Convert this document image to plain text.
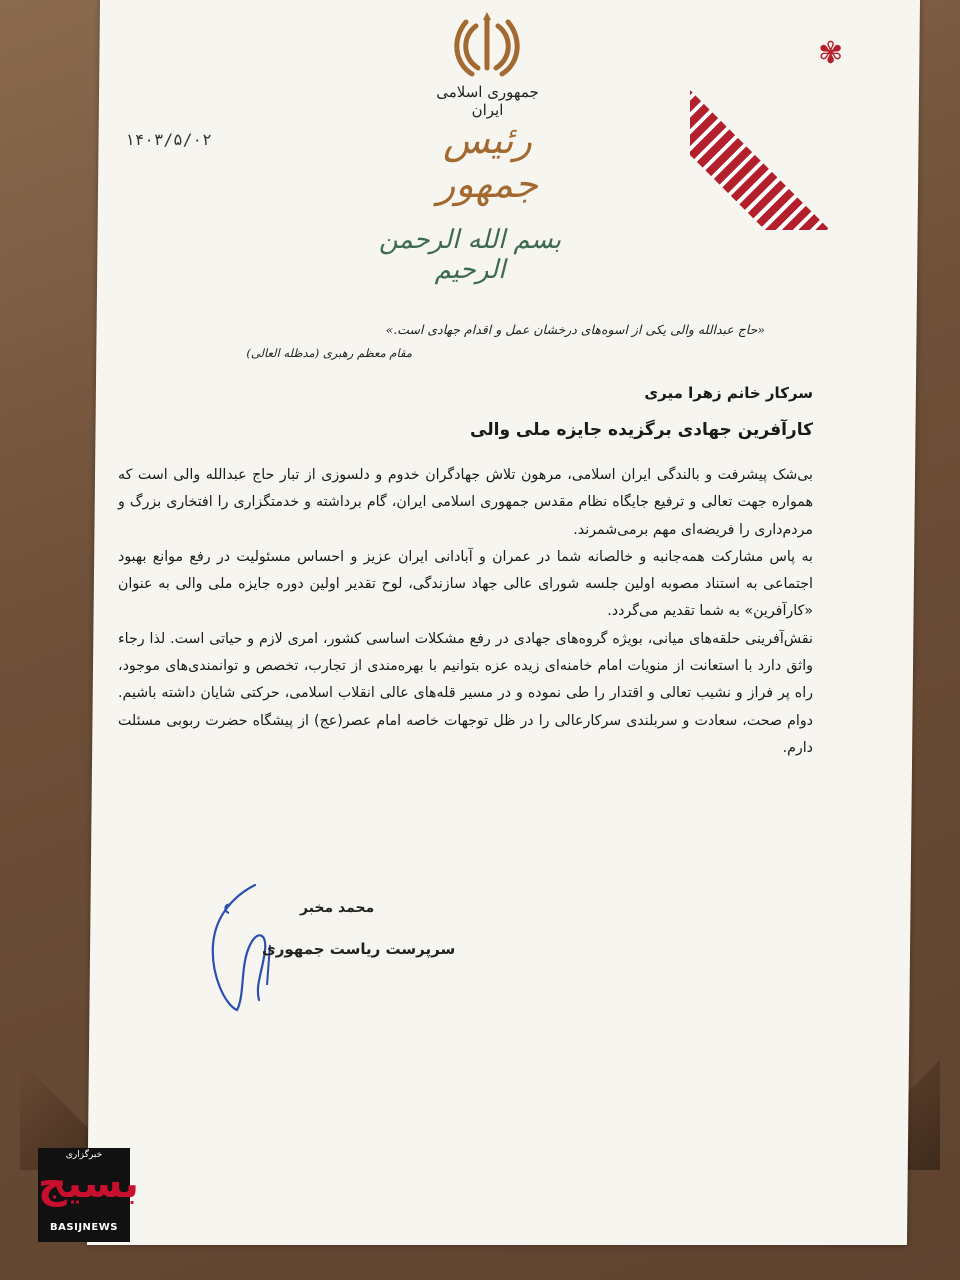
✾
جمهوری اسلامی ایران
رئیس جمهور
۱۴۰۳/۵/۰۲
بسم الله الرحمن الرحیم
«حاج عبدالله والی یکی از اسوه‌های درخشان عمل و اقدام جهادی است.»
مقام معظم رهبری (مدظله العالی)
سرکار خانم زهرا میری
کارآفرین جهادی برگزیده جایزه ملی والی

بی‌شک پیشرفت و بالندگی ایران اسلامی، مرهون تلاش جهادگران خدوم و دلسوزی از تبار حاج عبدالله والی است که همواره جهت تعالی و ترفیع جایگاه نظام مقدس جمهوری اسلامی ایران، گام برداشته و خدمتگزاری را افتخاری بزرگ و مردم‌داری را فریضه‌ای مهم برمی‌شمرند.

به پاس مشارکت همه‌جانبه و خالصانه شما در عمران و آبادانی ایران عزیز و احساس مسئولیت در رفع موانع بهبود اجتماعی به استناد مصوبه اولین جلسه شورای عالی جهاد سازندگی، لوح تقدیر اولین دوره جایزه ملی والی به عنوان «کارآفرین» به شما تقدیم می‌گردد.

نقش‌آفرینی حلقه‌های میانی، بویژه گروه‌های جهادی در رفع مشکلات اساسی کشور، امری لازم و حیاتی است. لذا رجاء واثق دارد با استعانت از منویات امام خامنه‌ای زیده عزه بتوانیم با بهره‌مندی از تجارب، تخصص و توانمندی‌های موجود، راه پر فراز و نشیب تعالی و اقتدار را طی نموده و در مسیر قله‌های عالی انقلاب اسلامی، حرکتی شایان داشته باشیم. دوام صحت، سعادت و سربلندی سرکارعالی را در ظل توجهات خاصه امام عصر(عج) از پیشگاه حضرت ربوبی مسئلت دارم.

محمد مخبر
سرپرست ریاست جمهوری
خبرگزاری
بسیج
BASIJNEWS
